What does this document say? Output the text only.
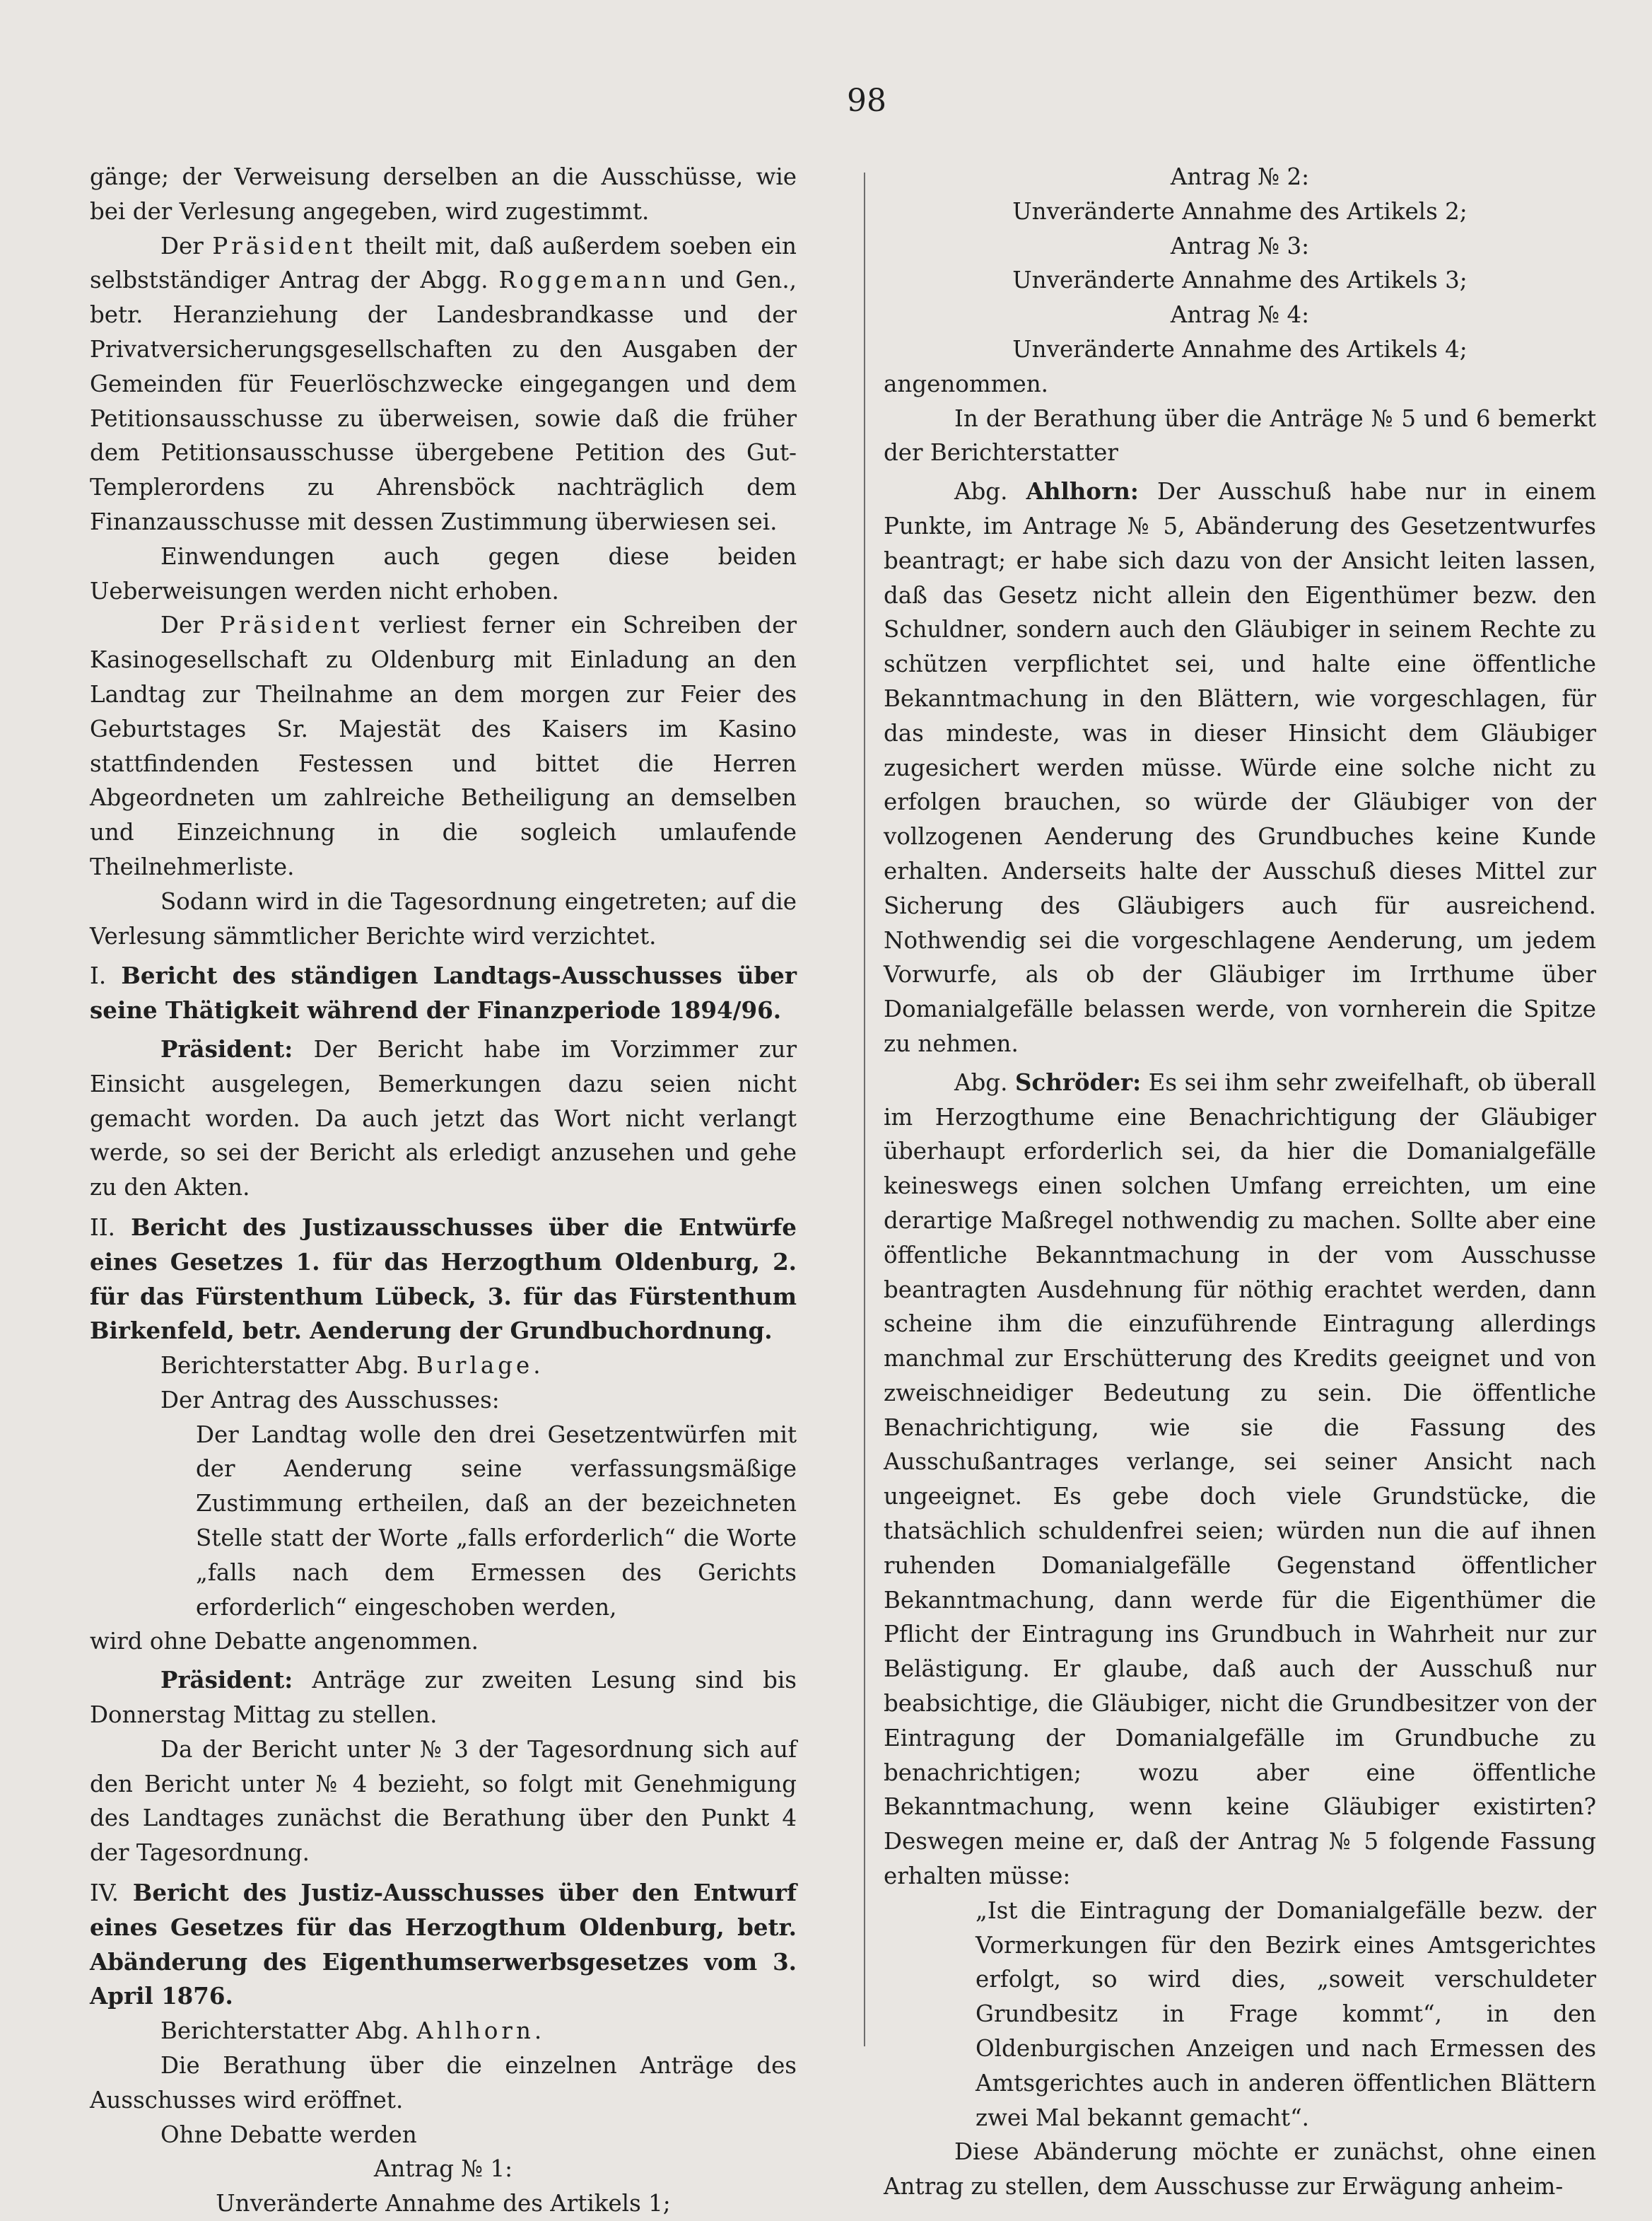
98

gänge; der Verweisung derselben an die Ausschüsse, wie bei der Verlesung angegeben, wird zugestimmt.

Der Präsident theilt mit, daß außerdem soeben ein selbstständiger Antrag der Abgg. Roggemann und Gen., betr. Heranziehung der Landesbrandkasse und der Privatversicherungsgesellschaften zu den Ausgaben der Gemeinden für Feuerlöschzwecke eingegangen und dem Petitionsausschusse zu überweisen, sowie daß die früher dem Petitionsausschusse übergebene Petition des Gut-Templerordens zu Ahrensböck nachträglich dem Finanzausschusse mit dessen Zustimmung überwiesen sei.

Einwendungen auch gegen diese beiden Ueberweisungen werden nicht erhoben.

Der Präsident verliest ferner ein Schreiben der Kasinogesellschaft zu Oldenburg mit Einladung an den Landtag zur Theilnahme an dem morgen zur Feier des Geburtstages Sr. Majestät des Kaisers im Kasino stattfindenden Festessen und bittet die Herren Abgeordneten um zahlreiche Betheiligung an demselben und Einzeichnung in die sogleich umlaufende Theilnehmerliste.

Sodann wird in die Tagesordnung eingetreten; auf die Verlesung sämmtlicher Berichte wird verzichtet.

I. Bericht des ständigen Landtags-Ausschusses über seine Thätigkeit während der Finanzperiode 1894/96.

Präsident: Der Bericht habe im Vorzimmer zur Einsicht ausgelegen, Bemerkungen dazu seien nicht gemacht worden. Da auch jetzt das Wort nicht verlangt werde, so sei der Bericht als erledigt anzusehen und gehe zu den Akten.

II. Bericht des Justizausschusses über die Entwürfe eines Gesetzes 1. für das Herzogthum Oldenburg, 2. für das Fürstenthum Lübeck, 3. für das Fürstenthum Birkenfeld, betr. Aenderung der Grundbuchordnung.

Berichterstatter Abg. Burlage.

Der Antrag des Ausschusses:

Der Landtag wolle den drei Gesetzentwürfen mit der Aenderung seine verfassungsmäßige Zustimmung ertheilen, daß an der bezeichneten Stelle statt der Worte „falls erforderlich“ die Worte „falls nach dem Ermessen des Gerichts erforderlich“ eingeschoben werden,

wird ohne Debatte angenommen.

Präsident: Anträge zur zweiten Lesung sind bis Donnerstag Mittag zu stellen.

Da der Bericht unter № 3 der Tagesordnung sich auf den Bericht unter № 4 bezieht, so folgt mit Genehmigung des Landtages zunächst die Berathung über den Punkt 4 der Tagesordnung.

IV. Bericht des Justiz-Ausschusses über den Entwurf eines Gesetzes für das Herzogthum Oldenburg, betr. Abänderung des Eigenthumserwerbsgesetzes vom 3. April 1876.

Berichterstatter Abg. Ahlhorn.

Die Berathung über die einzelnen Anträge des Ausschusses wird eröffnet.

Ohne Debatte werden

Antrag № 1:

Unveränderte Annahme des Artikels 1;

Antrag № 2:

Unveränderte Annahme des Artikels 2;

Antrag № 3:

Unveränderte Annahme des Artikels 3;

Antrag № 4:

Unveränderte Annahme des Artikels 4;

angenommen.

In der Berathung über die Anträge № 5 und 6 bemerkt der Berichterstatter

Abg. Ahlhorn: Der Ausschuß habe nur in einem Punkte, im Antrage № 5, Abänderung des Gesetzentwurfes beantragt; er habe sich dazu von der Ansicht leiten lassen, daß das Gesetz nicht allein den Eigenthümer bezw. den Schuldner, sondern auch den Gläubiger in seinem Rechte zu schützen verpflichtet sei, und halte eine öffentliche Bekanntmachung in den Blättern, wie vorgeschlagen, für das mindeste, was in dieser Hinsicht dem Gläubiger zugesichert werden müsse. Würde eine solche nicht zu erfolgen brauchen, so würde der Gläubiger von der vollzogenen Aenderung des Grundbuches keine Kunde erhalten. Anderseits halte der Ausschuß dieses Mittel zur Sicherung des Gläubigers auch für ausreichend. Nothwendig sei die vorgeschlagene Aenderung, um jedem Vorwurfe, als ob der Gläubiger im Irrthume über Domanialgefälle belassen werde, von vornherein die Spitze zu nehmen.

Abg. Schröder: Es sei ihm sehr zweifelhaft, ob überall im Herzogthume eine Benachrichtigung der Gläubiger überhaupt erforderlich sei, da hier die Domanialgefälle keineswegs einen solchen Umfang erreichten, um eine derartige Maßregel nothwendig zu machen. Sollte aber eine öffentliche Bekanntmachung in der vom Ausschusse beantragten Ausdehnung für nöthig erachtet werden, dann scheine ihm die einzuführende Eintragung allerdings manchmal zur Erschütterung des Kredits geeignet und von zweischneidiger Bedeutung zu sein. Die öffentliche Benachrichtigung, wie sie die Fassung des Ausschußantrages verlange, sei seiner Ansicht nach ungeeignet. Es gebe doch viele Grundstücke, die thatsächlich schuldenfrei seien; würden nun die auf ihnen ruhenden Domanialgefälle Gegenstand öffentlicher Bekanntmachung, dann werde für die Eigenthümer die Pflicht der Eintragung ins Grundbuch in Wahrheit nur zur Belästigung. Er glaube, daß auch der Ausschuß nur beabsichtige, die Gläubiger, nicht die Grundbesitzer von der Eintragung der Domanialgefälle im Grundbuche zu benachrichtigen; wozu aber eine öffentliche Bekanntmachung, wenn keine Gläubiger existirten? Deswegen meine er, daß der Antrag № 5 folgende Fassung erhalten müsse:

„Ist die Eintragung der Domanialgefälle bezw. der Vormerkungen für den Bezirk eines Amtsgerichtes erfolgt, so wird dies, „soweit verschuldeter Grundbesitz in Frage kommt“, in den Oldenburgischen Anzeigen und nach Ermessen des Amtsgerichtes auch in anderen öffentlichen Blättern zwei Mal bekannt gemacht“.

Diese Abänderung möchte er zunächst, ohne einen Antrag zu stellen, dem Ausschusse zur Erwägung anheim-
